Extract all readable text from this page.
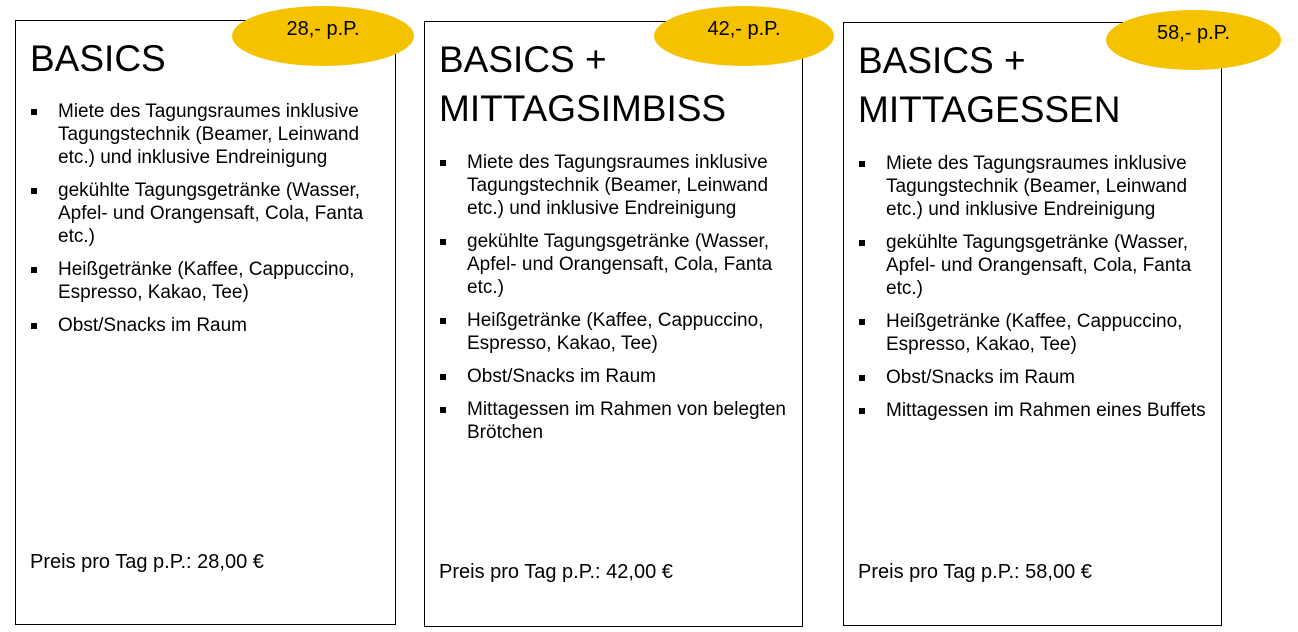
BASICS
Miete des Tagungsraumes inklusive Tagungstechnik (Beamer, Leinwand etc.) und inklusive Endreinigung
gekühlte Tagungsgetränke (Wasser, Apfel- und Orangensaft, Cola, Fanta etc.)
Heißgetränke (Kaffee, Cappuccino, Espresso, Kakao, Tee)
Obst/Snacks im Raum
Preis pro Tag p.P.: 28,00 €
BASICS +
MITTAGSIMBISS
Miete des Tagungsraumes inklusive Tagungstechnik (Beamer, Leinwand etc.) und inklusive Endreinigung
gekühlte Tagungsgetränke (Wasser, Apfel- und Orangensaft, Cola, Fanta etc.)
Heißgetränke (Kaffee, Cappuccino, Espresso, Kakao, Tee)
Obst/Snacks im Raum
Mittagessen im Rahmen von belegten Brötchen
Preis pro Tag p.P.: 42,00 €
BASICS +
MITTAGESSEN
Miete des Tagungsraumes inklusive Tagungstechnik (Beamer, Leinwand etc.) und inklusive Endreinigung
gekühlte Tagungsgetränke (Wasser, Apfel- und Orangensaft, Cola, Fanta etc.)
Heißgetränke (Kaffee, Cappuccino, Espresso, Kakao, Tee)
Obst/Snacks im Raum
Mittagessen im Rahmen eines Buffets
Preis pro Tag p.P.: 58,00 €
28,- p.P.	42,- p.P.	58,- p.P.
